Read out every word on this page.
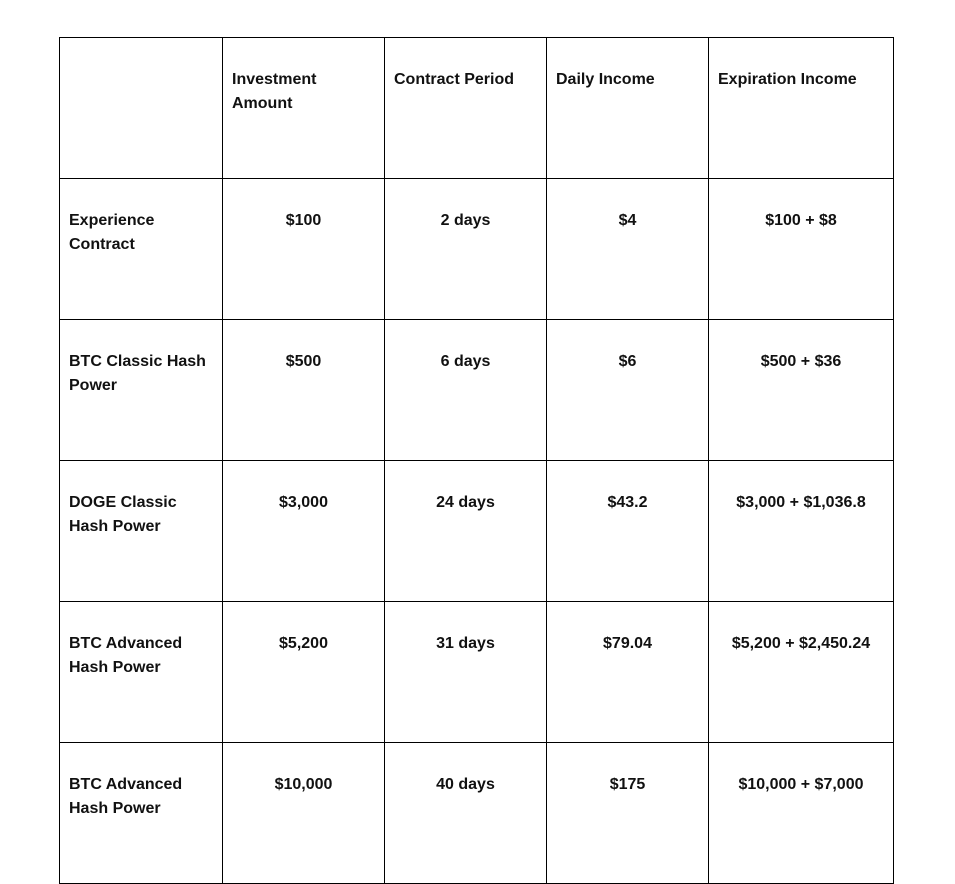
	Investment Amount	Contract Period	Daily Income	Expiration Income
Experience Contract	$100	2 days	$4	$100 + $8
BTC Classic Hash Power	$500	6 days	$6	$500 + $36
DOGE Classic Hash Power	$3,000	24 days	$43.2	$3,000 + $1,036.8
BTC Advanced Hash Power	$5,200	31 days	$79.04	$5,200 + $2,450.24
BTC Advanced Hash Power	$10,000	40 days	$175	$10,000 + $7,000
